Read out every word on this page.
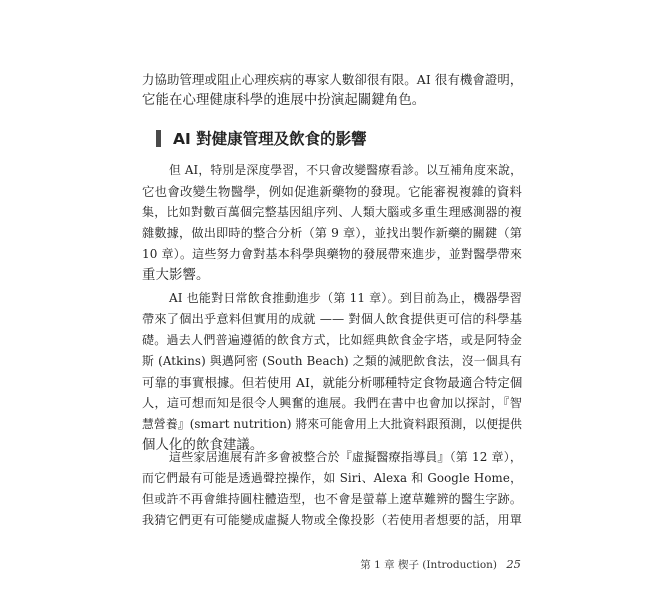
力協助管理或阻止心理疾病的專家人數卻很有限。AI 很有機會證明，
它能在心理健康科學的進展中扮演起關鍵角色。
AI 對健康管理及飲食的影響
但 AI，特別是深度學習，不只會改變醫療看診。以互補角度來說，
它也會改變生物醫學，例如促進新藥物的發現。它能審視複雜的資料
集，比如對數百萬個完整基因組序列、人類大腦或多重生理感測器的複
雜數據，做出即時的整合分析（第 9 章），並找出製作新藥的關鍵（第
10 章）。這些努力會對基本科學與藥物的發展帶來進步，並對醫學帶來
重大影響。
AI 也能對日常飲食推動進步（第 11 章）。到目前為止，機器學習
帶來了個出乎意料但實用的成就 —— 對個人飲食提供更可信的科學基
礎。過去人們普遍遵循的飲食方式，比如經典飲食金字塔，或是阿特金
斯 (Atkins) 與邁阿密 (South Beach) 之類的減肥飲食法，沒一個具有
可靠的事實根據。但若使用 AI，就能分析哪種特定食物最適合特定個
人，這可想而知是很令人興奮的進展。我們在書中也會加以探討，『智
慧營養』(smart nutrition) 將來可能會用上大批資料跟預測，以便提供
個人化的飲食建議。
這些家居進展有許多會被整合於『虛擬醫療指導員』（第 12 章），
而它們最有可能是透過聲控操作，如 Siri、Alexa 和 Google Home，
但或許不再會維持圓柱體造型，也不會是螢幕上遼草難辨的醫生字跡。
我猜它們更有可能變成虛擬人物或全像投影（若使用者想要的話，用單
第 1 章 楔子 (Introduction) 25
